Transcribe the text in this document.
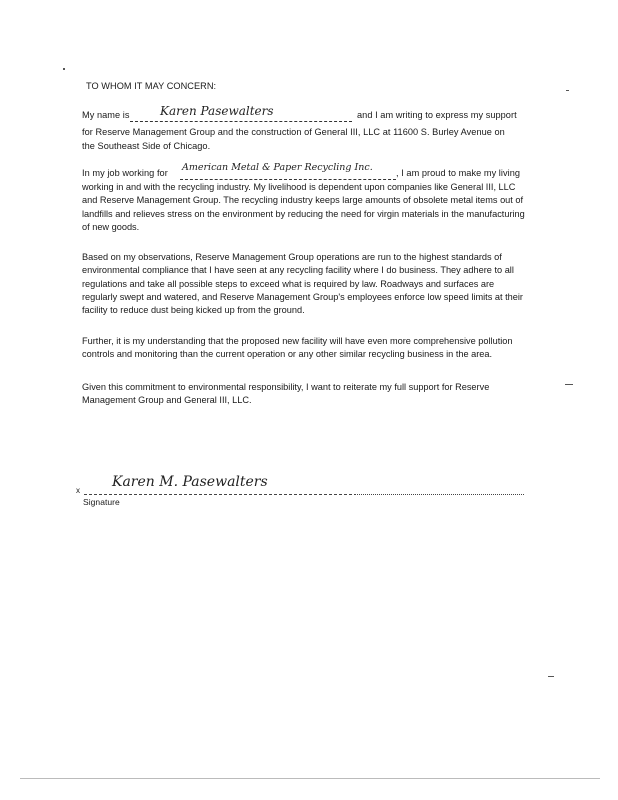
TO WHOM IT MAY CONCERN:
My name is	Karen Pasewalters	and I am writing to express my support
for Reserve Management Group and the construction of General III, LLC at 11600 S. Burley Avenue on
the Southeast Side of Chicago.
In my job working for American Metal & Paper Recycling Inc.	, I am proud to make my living
working in and with the recycling industry. My livelihood is dependent upon companies like General III, LLC and Reserve Management Group. The recycling industry keeps large amounts of obsolete metal items out of landfills and relieves stress on the environment by reducing the need for virgin materials in the manufacturing of new goods.
Based on my observations, Reserve Management Group operations are run to the highest standards of environmental compliance that I have seen at any recycling facility where I do business. They adhere to all regulations and take all possible steps to exceed what is required by law. Roadways and surfaces are regularly swept and watered, and Reserve Management Group's employees enforce low speed limits at their facility to reduce dust being kicked up from the ground.
Further, it is my understanding that the proposed new facility will have even more comprehensive pollution controls and monitoring than the current operation or any other similar recycling business in the area.
Given this commitment to environmental responsibility, I want to reiterate my full support for Reserve Management Group and General III, LLC.
x
Karen M. Pasewalters
Signature
